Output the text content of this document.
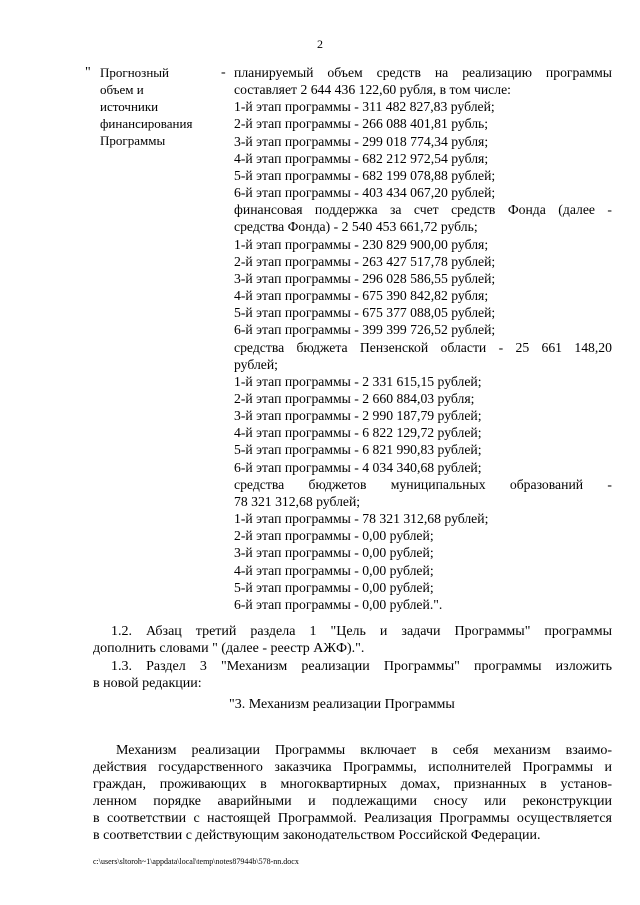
2
" Прогнозный
объем и
источники
финансирования
Программы
- планируемый объем средств на реализацию программы
составляет 2 644 436 122,60 рубля, в том числе:
1-й этап программы - 311 482 827,83 рублей;
2-й этап программы - 266 088 401,81 рубль;
3-й этап программы - 299 018 774,34 рубля;
4-й этап программы - 682 212 972,54 рубля;
5-й этап программы - 682 199 078,88 рублей;
6-й этап программы - 403 434 067,20 рублей;
финансовая поддержка за счет средств Фонда (далее -
средства Фонда) - 2 540 453 661,72 рубль;
1-й этап программы - 230 829 900,00 рубля;
2-й этап программы - 263 427 517,78 рублей;
3-й этап программы - 296 028 586,55 рублей;
4-й этап программы - 675 390 842,82 рубля;
5-й этап программы - 675 377 088,05 рублей;
6-й этап программы - 399 399 726,52 рублей;
средства бюджета Пензенской области - 25 661 148,20
рублей;
1-й этап программы - 2 331 615,15 рублей;
2-й этап программы - 2 660 884,03 рубля;
3-й этап программы - 2 990 187,79 рублей;
4-й этап программы - 6 822 129,72 рублей;
5-й этап программы - 6 821 990,83 рублей;
6-й этап программы - 4 034 340,68 рублей;
средства бюджетов муниципальных образований -
78 321 312,68 рублей;
1-й этап программы - 78 321 312,68 рублей;
2-й этап программы - 0,00 рублей;
3-й этап программы - 0,00 рублей;
4-й этап программы - 0,00 рублей;
5-й этап программы - 0,00 рублей;
6-й этап программы - 0,00 рублей.".
1.2. Абзац третий раздела 1 "Цель и задачи Программы" программы
дополнить словами " (далее - реестр АЖФ).".
1.3. Раздел 3 "Механизм реализации Программы" программы изложить
в новой редакции:
"3. Механизм реализации Программы
Механизм реализации Программы включает в себя механизм взаимо-
действия государственного заказчика Программы, исполнителей Программы и
граждан, проживающих в многоквартирных домах, признанных в установ-
ленном порядке аварийными и подлежащими сносу или реконструкции
в соответствии с настоящей Программой. Реализация Программы осуществляется
в соответствии с действующим законодательством Российской Федерации.
c:\users\sltoroh~1\appdata\local\temp\notes87944b\578-nn.docx
